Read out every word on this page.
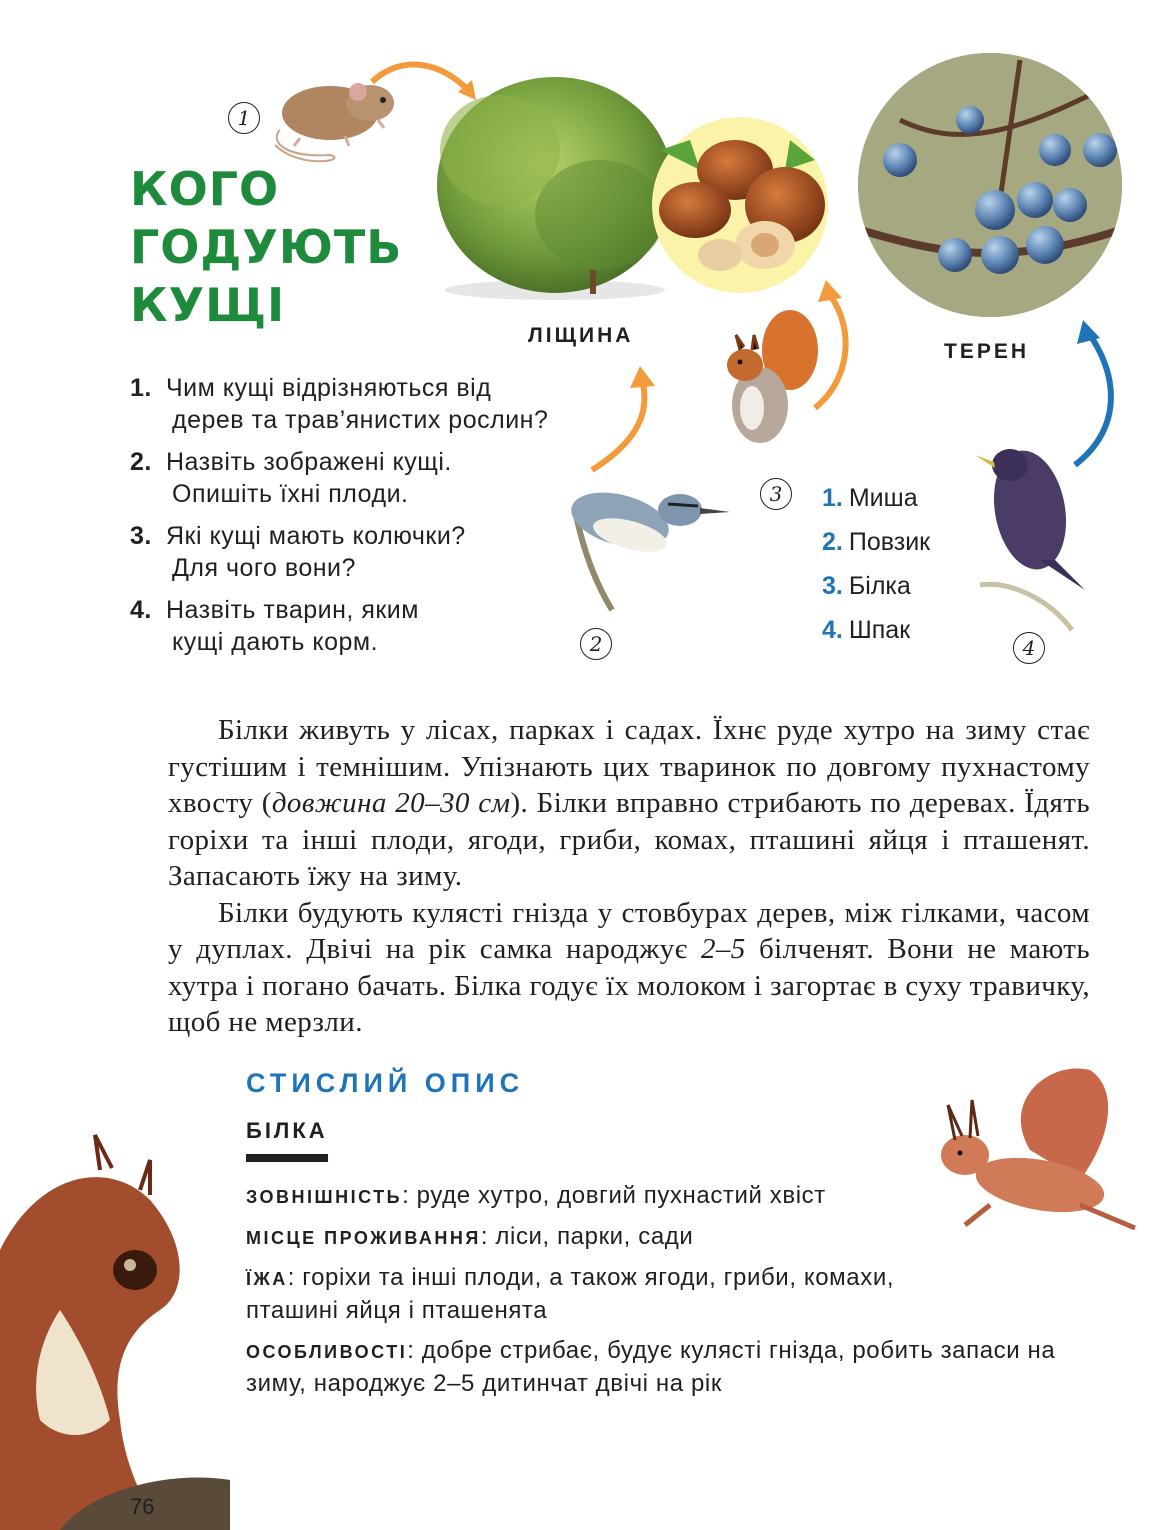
КОГО
ГОДУЮТЬ
КУЩІ
1. Чим кущі відрізняються від
дерев та трав’янистих рослин?
2. Назвіть зображені кущі.
Опишіть їхні плоди.
3. Які кущі мають колючки?
Для чого вони?
4. Назвіть тварин, яким
кущі дають корм.
ЛІЩИНА
ТЕРЕН
1
2
3
4
1. Миша
2. Повзик
3. Білка
4. Шпак

Білки живуть у лісах, парках і садах. Їхнє руде хутро на зиму стає густішим і темнішим. Упізнають цих тваринок по довгому пухнастому хвосту (довжина 20–30 см). Білки вправно стрибають по деревах. Їдять горіхи та інші плоди, ягоди, гриби, комах, пташині яйця і пташенят. Запасають їжу на зиму.

Білки будують кулясті гнізда у стовбурах дерев, між гілками, часом у дуплах. Двічі на рік самка народжує 2–5 білченят. Вони не мають хутра і погано бачать. Білка годує їх молоком і загортає в суху травичку, щоб не мерзли.

СТИСЛИЙ ОПИС
БІЛКА
ЗОВНІШНІСТЬ: руде хутро, довгий пухнастий хвіст
МІСЦЕ ПРОЖИВАННЯ: ліси, парки, сади
ЇЖА: горіхи та інші плоди, а також ягоди, гриби, комахи, пташині яйця і пташенята
ОСОБЛИВОСТІ: добре стрибає, будує кулясті гнізда, робить запаси на зиму, народжує 2–5 дитинчат двічі на рік
76
